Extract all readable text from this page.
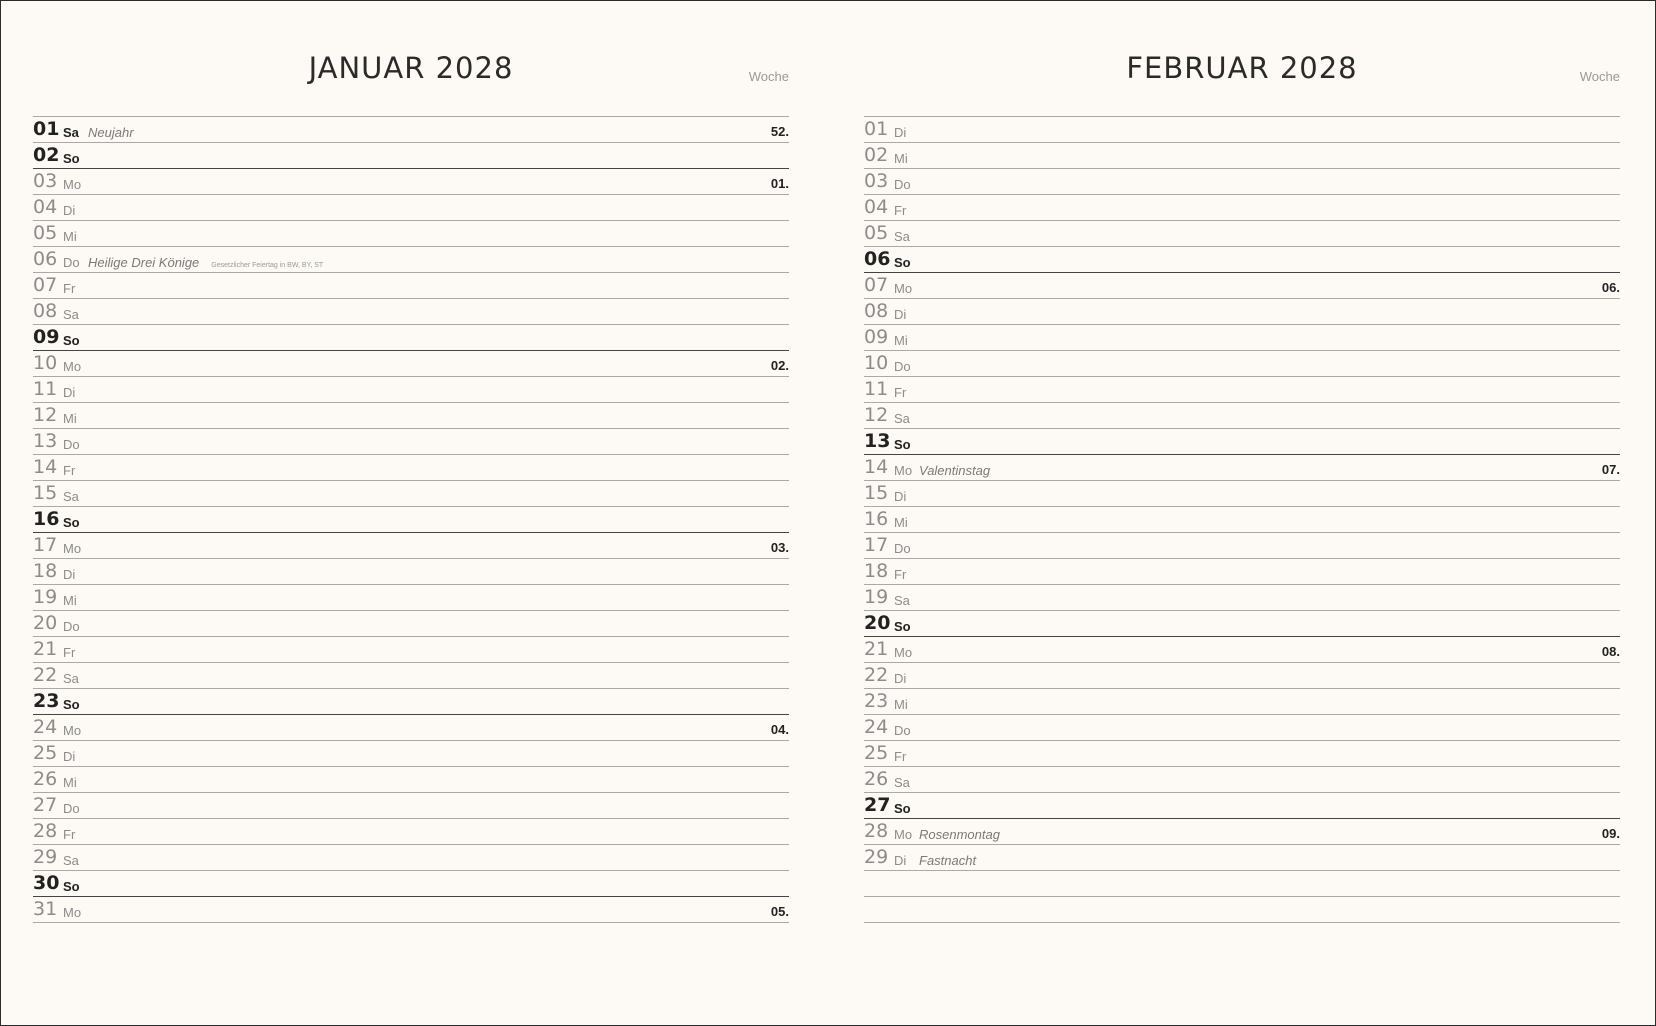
JANUAR 2028	Woche
01 Sa Neujahr	52.
02 So
03 Mo	01.
04 Di
05 Mi
06 Do Heilige Drei Könige Gesetzlicher Feiertag in BW, BY, ST
07 Fr
08 Sa
09 So
10 Mo	02.
11 Di
12 Mi
13 Do
14 Fr
15 Sa
16 So
17 Mo	03.
18 Di
19 Mi
20 Do
21 Fr
22 Sa
23 So
24 Mo	04.
25 Di
26 Mi
27 Do
28 Fr
29 Sa
30 So
31 Mo	05.
FEBRUAR 2028	Woche
01 Di
02 Mi
03 Do
04 Fr
05 Sa
06 So
07 Mo	06.
08 Di
09 Mi
10 Do
11 Fr
12 Sa
13 So
14 Mo Valentinstag	07.
15 Di
16 Mi
17 Do
18 Fr
19 Sa
20 So
21 Mo	08.
22 Di
23 Mi
24 Do
25 Fr
26 Sa
27 So
28 Mo Rosenmontag	09.
29 Di Fastnacht
